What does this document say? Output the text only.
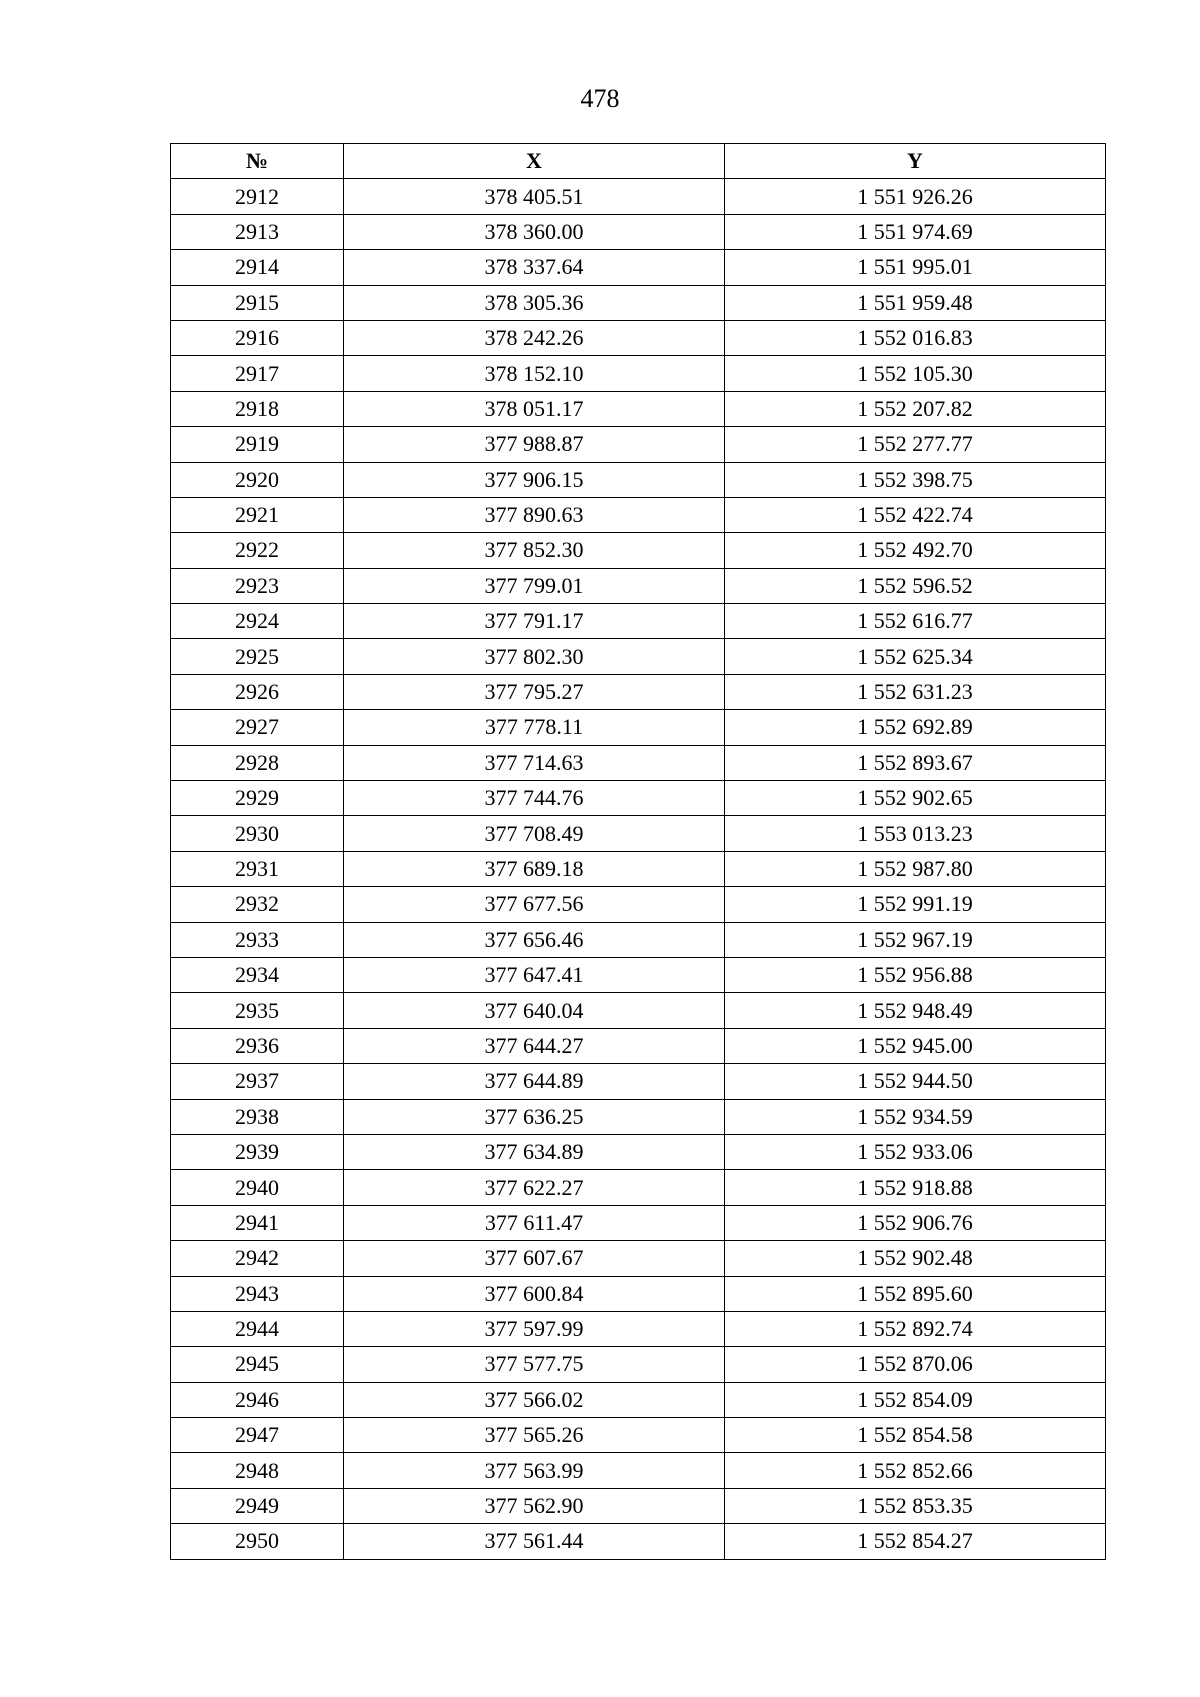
478
№	X	Y
2912	378 405.51	1 551 926.26
2913	378 360.00	1 551 974.69
2914	378 337.64	1 551 995.01
2915	378 305.36	1 551 959.48
2916	378 242.26	1 552 016.83
2917	378 152.10	1 552 105.30
2918	378 051.17	1 552 207.82
2919	377 988.87	1 552 277.77
2920	377 906.15	1 552 398.75
2921	377 890.63	1 552 422.74
2922	377 852.30	1 552 492.70
2923	377 799.01	1 552 596.52
2924	377 791.17	1 552 616.77
2925	377 802.30	1 552 625.34
2926	377 795.27	1 552 631.23
2927	377 778.11	1 552 692.89
2928	377 714.63	1 552 893.67
2929	377 744.76	1 552 902.65
2930	377 708.49	1 553 013.23
2931	377 689.18	1 552 987.80
2932	377 677.56	1 552 991.19
2933	377 656.46	1 552 967.19
2934	377 647.41	1 552 956.88
2935	377 640.04	1 552 948.49
2936	377 644.27	1 552 945.00
2937	377 644.89	1 552 944.50
2938	377 636.25	1 552 934.59
2939	377 634.89	1 552 933.06
2940	377 622.27	1 552 918.88
2941	377 611.47	1 552 906.76
2942	377 607.67	1 552 902.48
2943	377 600.84	1 552 895.60
2944	377 597.99	1 552 892.74
2945	377 577.75	1 552 870.06
2946	377 566.02	1 552 854.09
2947	377 565.26	1 552 854.58
2948	377 563.99	1 552 852.66
2949	377 562.90	1 552 853.35
2950	377 561.44	1 552 854.27
